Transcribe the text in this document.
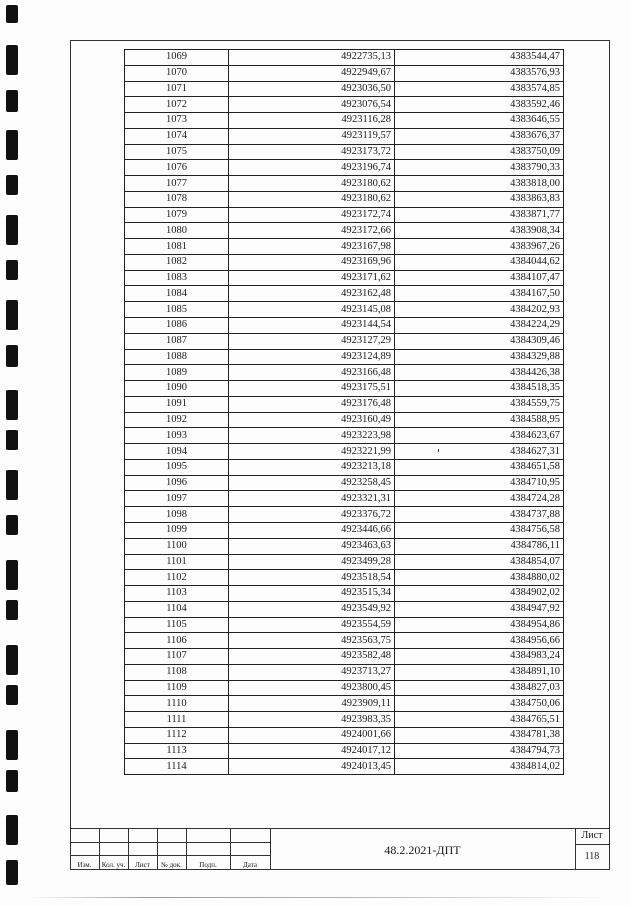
1069	4922735,13	4383544,47
1070	4922949,67	4383576,93
1071	4923036,50	4383574,85
1072	4923076,54	4383592,46
1073	4923116,28	4383646,55
1074	4923119,57	4383676,37
1075	4923173,72	4383750,09
1076	4923196,74	4383790,33
1077	4923180,62	4383818,00
1078	4923180,62	4383863,83
1079	4923172,74	4383871,77
1080	4923172,66	4383908,34
1081	4923167,98	4383967,26
1082	4923169,96	4384044,62
1083	4923171,62	4384107,47
1084	4923162,48	4384167,50
1085	4923145,08	4384202,93
1086	4923144,54	4384224,29
1087	4923127,29	4384309,46
1088	4923124,89	4384329,88
1089	4923166,48	4384426,38
1090	4923175,51	4384518,35
1091	4923176,48	4384559,75
1092	4923160,49	4384588,95
1093	4923223,98	4384623,67
1094	4923221,99	4384627,31
1095	4923213,18	4384651,58
1096	4923258,45	4384710,95
1097	4923321,31	4384724,28
1098	4923376,72	4384737,88
1099	4923446,66	4384756,58
1100	4923463,63	4384786,11
1101	4923499,28	4384854,07
1102	4923518,54	4384880,02
1103	4923515,34	4384902,02
1104	4923549,92	4384947,92
1105	4923554,59	4384954,86
1106	4923563,75	4384956,66
1107	4923582,48	4384983,24
1108	4923713,27	4384891,10
1109	4923800,45	4384827,03
1110	4923909,11	4384750,06
1111	4923983,35	4384765,51
1112	4924001,66	4384781,38
1113	4924017,12	4384794,73
1114	4924013,45	4384814,02
Изм.	Кол. уч.	Лист	№ док.	Подп.	Дата
48.2.2021-ДПТ
Лист
118
